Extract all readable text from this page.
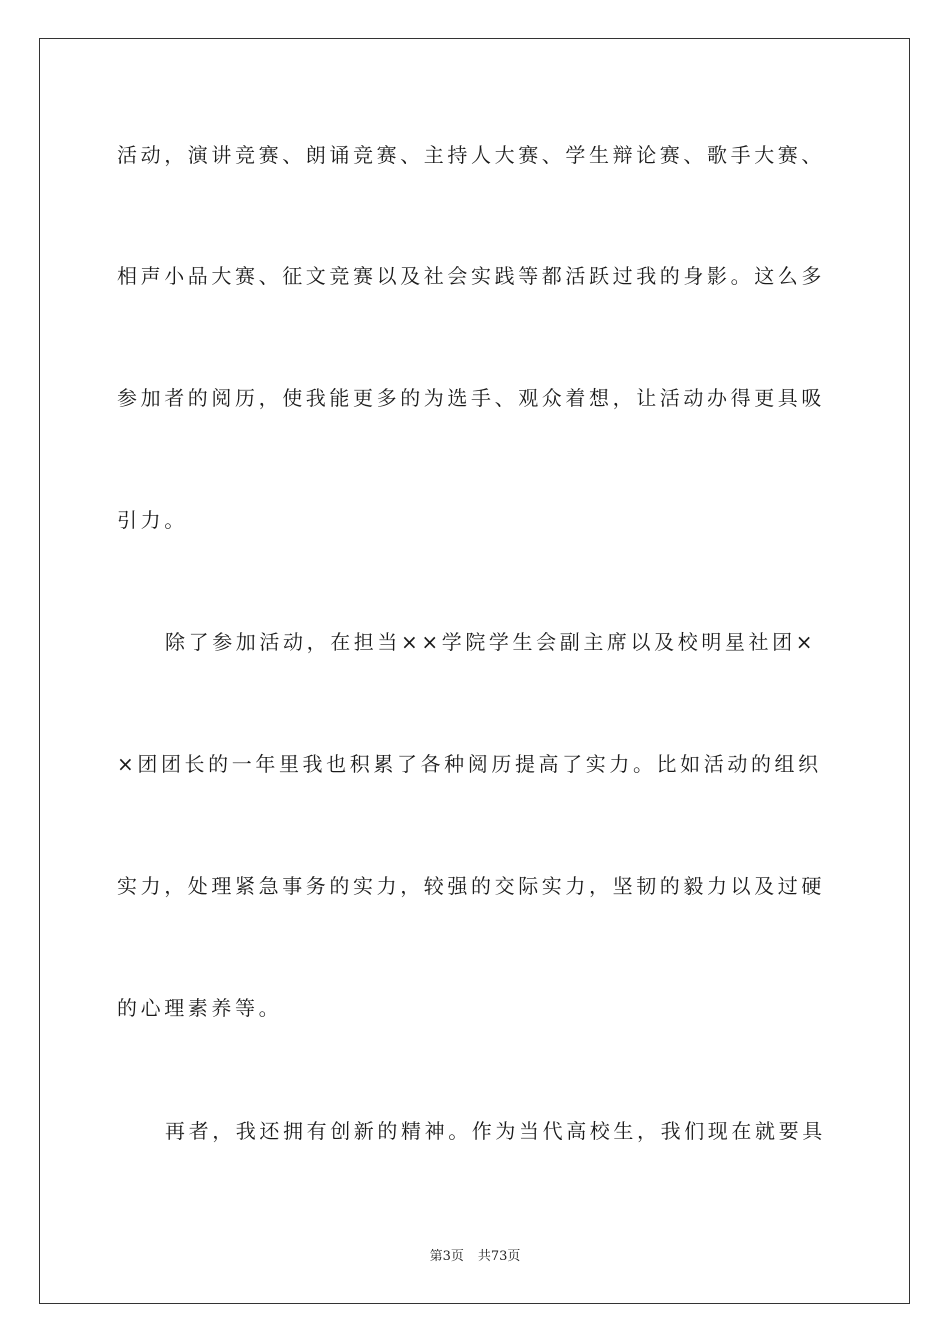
活动，演讲竞赛、朗诵竞赛、主持人大赛、学生辩论赛、歌手大赛、
相声小品大赛、征文竞赛以及社会实践等都活跃过我的身影。这么多
参加者的阅历，使我能更多的为选手、观众着想，让活动办得更具吸
引力。
除了参加活动，在担当××学院学生会副主席以及校明星社团×
×团团长的一年里我也积累了各种阅历提高了实力。比如活动的组织
实力，处理紧急事务的实力，较强的交际实力，坚韧的毅力以及过硬
的心理素养等。
再者，我还拥有创新的精神。作为当代高校生，我们现在就要具
第3页 共73页
